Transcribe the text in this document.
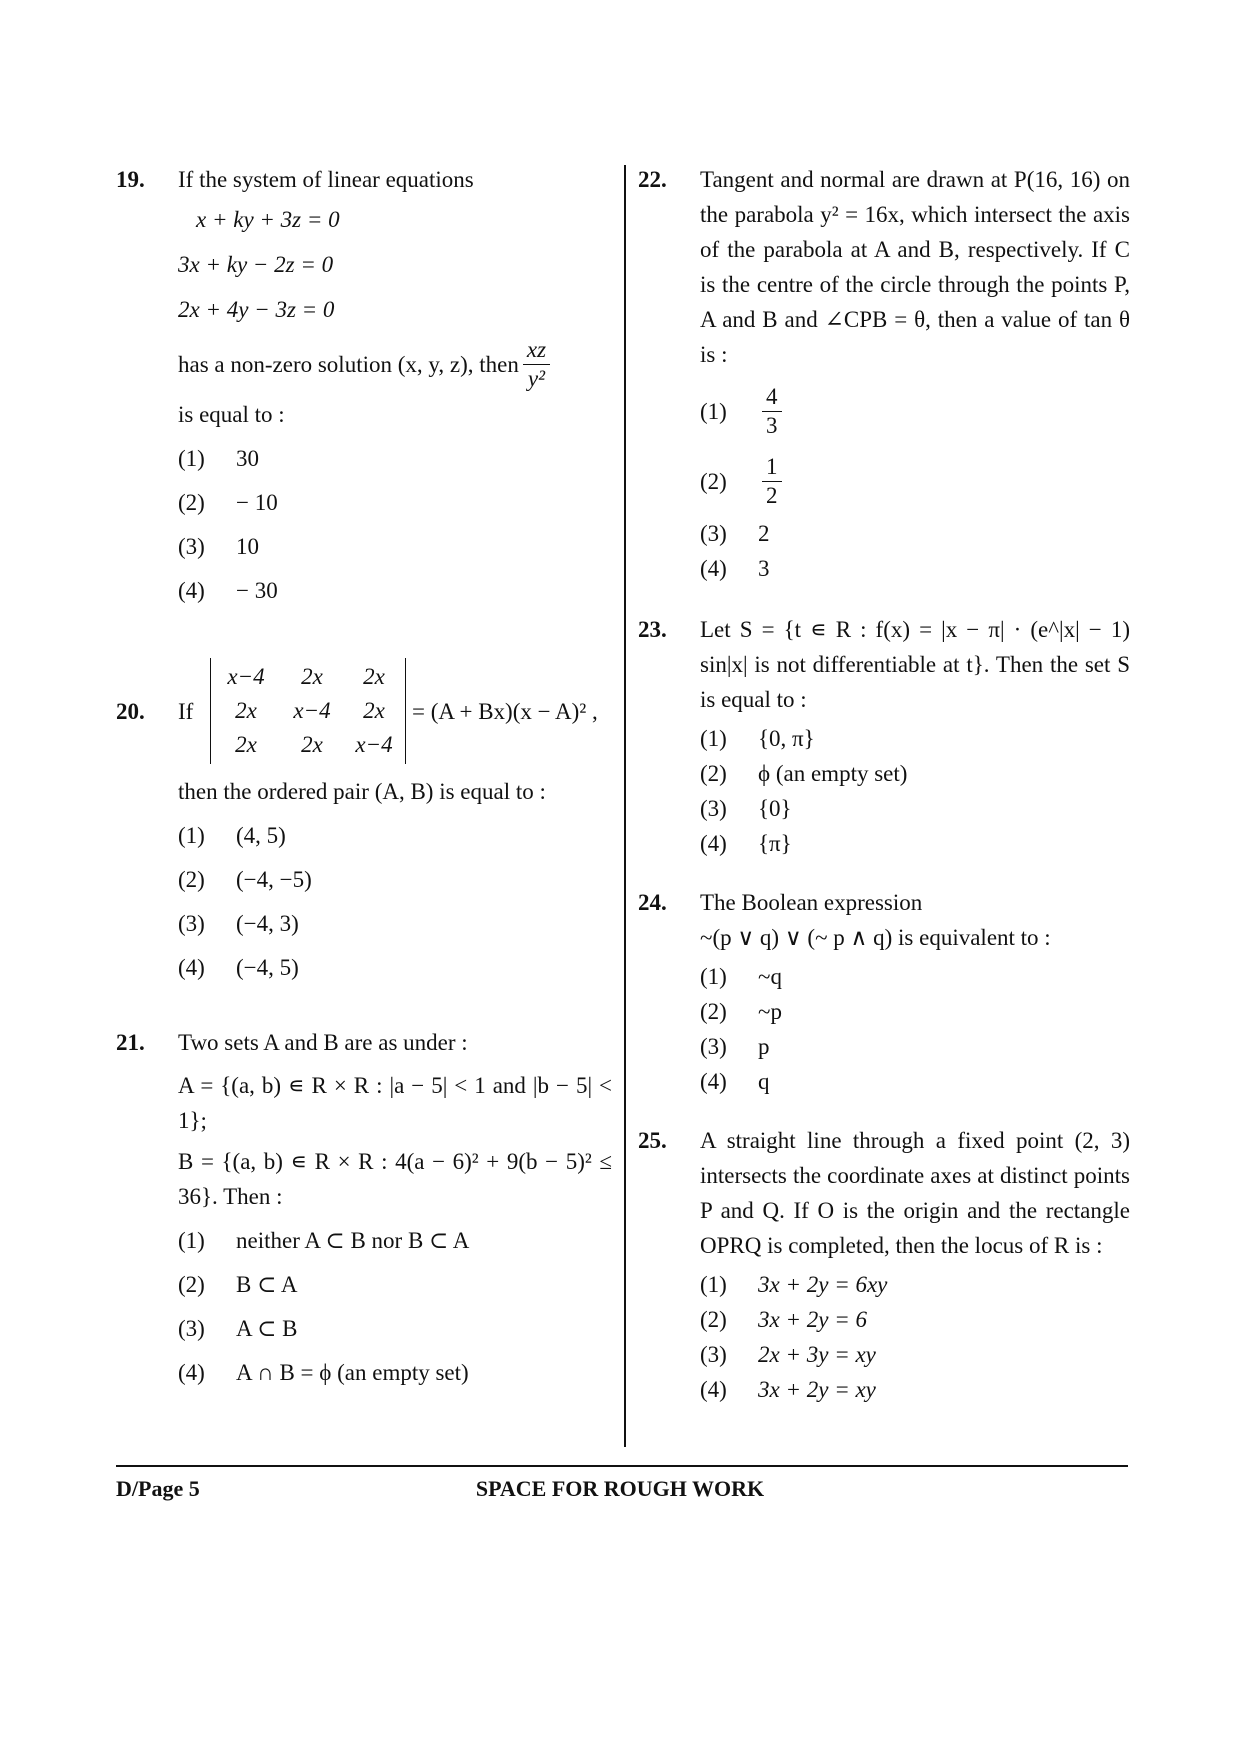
19. If the system of linear equations
x + ky + 3z = 0
3x + ky − 2z = 0
2x + 4y − 3z = 0
has a non-zero solution (x, y, z), then $\frac{xz}{\text{y²}}$
is equal to :
(1)	30
(2)	− 10
(3)	10
(4)	− 30
20.	If
x−4	2x	2x
2x	x−4	2x
2x	2x	x−4
= (A + Bx)(x − A)² ,
then the ordered pair (A, B) is equal to :
(1)	(4, 5)
(2)	(−4, −5)
(3)	(−4, 3)
(4)	(−4, 5)
21. Two sets A and B are as under :
A = {(a, b) ∊ R × R : |a − 5| < 1 and |b − 5| < 1};
B = {(a, b) ∊ R × R : 4(a − 6)² + 9(b − 5)² ≤ 36}. Then :
(1)	neither A ⊂ B nor B ⊂ A
(2)	B ⊂ A
(3)	A ⊂ B
(4)	A ∩ B = ϕ (an empty set)
22. Tangent and normal are drawn at P(16, 16) on the parabola y² = 16x, which intersect the axis of the parabola at A and B, respectively. If C is the centre of the circle through the points P, A and B and ∠CPB = θ, then a value of tan θ is :
(1)	$\frac{4}{3}$
(2)	$\frac{1}{2}$
(3)	2
(4)	3
23. Let S = {t ∊ R : f(x) = |x − π| · (e^|x| − 1) sin|x| is not differentiable at t}. Then the set S is equal to :
(1)	{0, π}
(2)	ϕ (an empty set)
(3)	{0}
(4)	{π}
24. The Boolean expression
~(p ∨ q) ∨ (~ p ∧ q) is equivalent to :
(1)	~q
(2)	~p
(3)	p
(4)	q
25. A straight line through a fixed point (2, 3) intersects the coordinate axes at distinct points P and Q. If O is the origin and the rectangle OPRQ is completed, then the locus of R is :
(1)	3x + 2y = 6xy
(2)	3x + 2y = 6
(3)	2x + 3y = xy
(4)	3x + 2y = xy
D/Page 5	SPACE FOR ROUGH WORK
